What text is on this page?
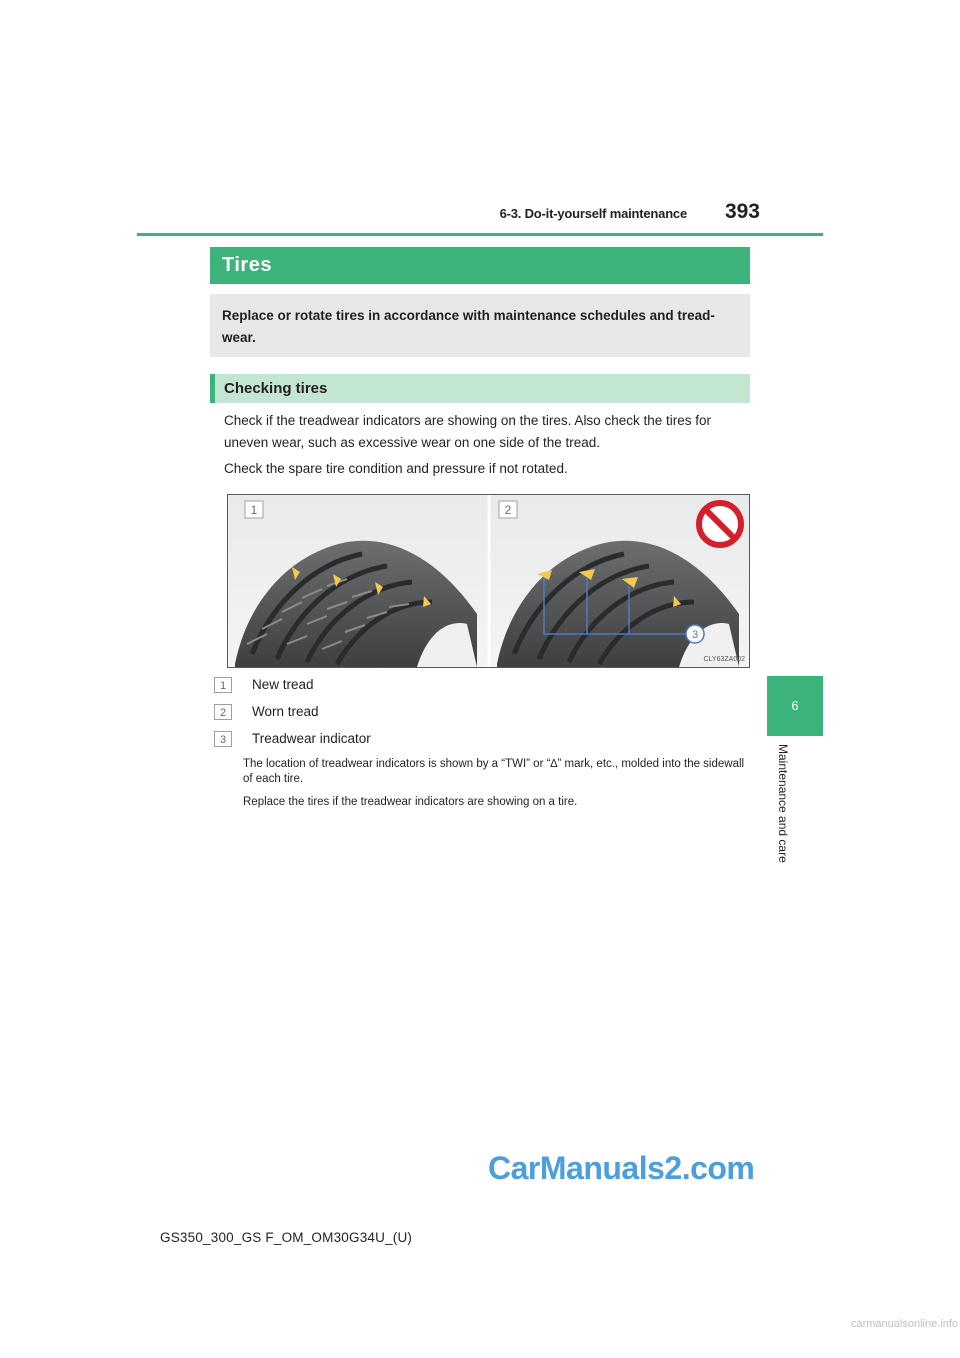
6-3. Do-it-yourself maintenance	393
6
Maintenance and care
Tires
Replace or rotate tires in accordance with maintenance schedules and tread-wear.
Checking tires
Check if the treadwear indicators are showing on the tires. Also check the tires for uneven wear, such as excessive wear on one side of the tread.
Check the spare tire condition and pressure if not rotated.
1	2
3
CLY63ZA002
1 New tread
2 Worn tread
3 Treadwear indicator
The location of treadwear indicators is shown by a “TWI” or “∆” mark, etc., molded into the sidewall of each tire.
Replace the tires if the treadwear indicators are showing on a tire.
GS350_300_GS F_OM_OM30G34U_(U)
CarManuals2.com
carmanualsonline.info
